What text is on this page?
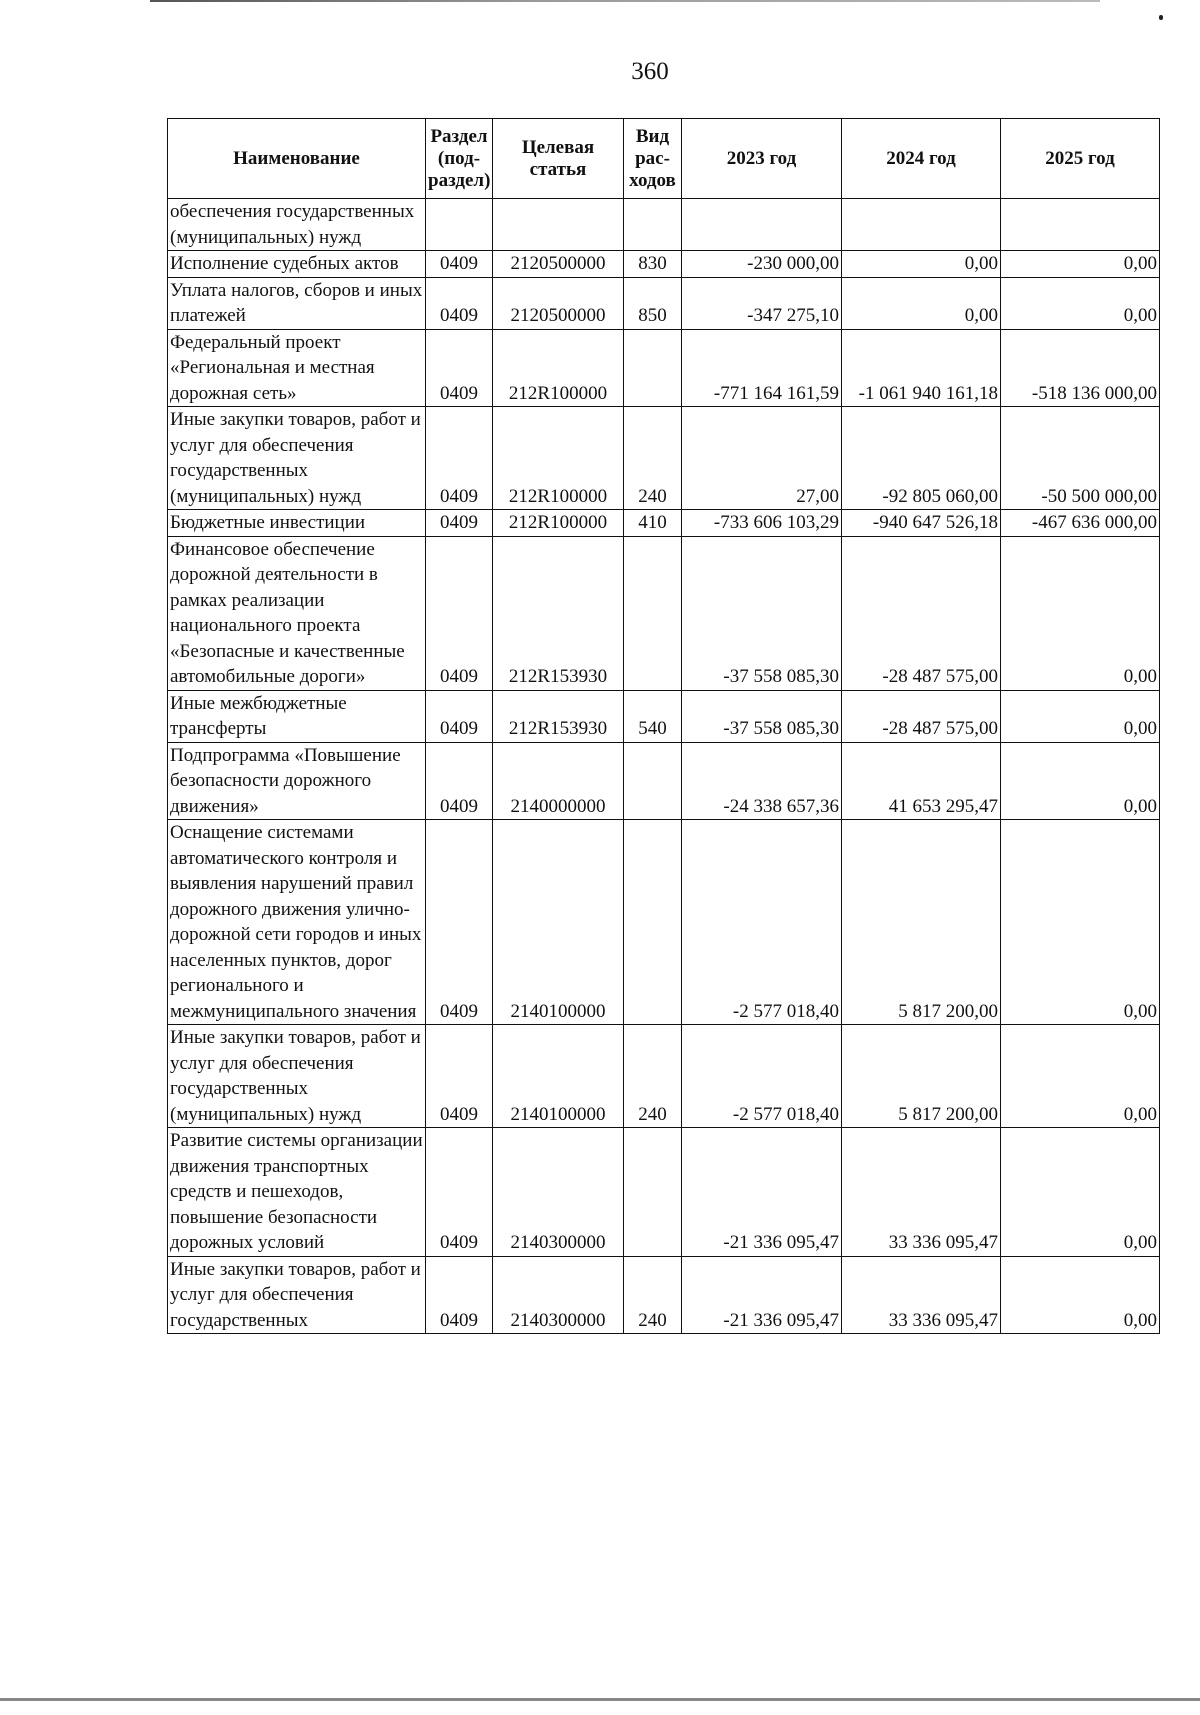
360
Наименование	Раздел (под-раздел)	Целевая статья	Вид рас-ходов	2023 год	2024 год	2025 год
обеспечения государственных (муниципальных) нужд						
Исполнение судебных актов	0409	2120500000	830	-230 000,00	0,00	0,00
Уплата налогов, сборов и иных платежей	0409	2120500000	850	-347 275,10	0,00	0,00
Федеральный проект «Региональная и местная дорожная сеть»	0409	212R100000		-771 164 161,59	-1 061 940 161,18	-518 136 000,00
Иные закупки товаров, работ и услуг для обеспечения государственных (муниципальных) нужд	0409	212R100000	240	27,00	-92 805 060,00	-50 500 000,00
Бюджетные инвестиции	0409	212R100000	410	-733 606 103,29	-940 647 526,18	-467 636 000,00
Финансовое обеспечение дорожной деятельности в рамках реализации национального проекта «Безопасные и качественные автомобильные дороги»	0409	212R153930		-37 558 085,30	-28 487 575,00	0,00
Иные межбюджетные трансферты	0409	212R153930	540	-37 558 085,30	-28 487 575,00	0,00
Подпрограмма «Повышение безопасности дорожного движения»	0409	2140000000		-24 338 657,36	41 653 295,47	0,00
Оснащение системами автоматического контроля и выявления нарушений правил дорожного движения улично-дорожной сети городов и иных населенных пунктов, дорог регионального и межмуниципального значения	0409	2140100000		-2 577 018,40	5 817 200,00	0,00
Иные закупки товаров, работ и услуг для обеспечения государственных (муниципальных) нужд	0409	2140100000	240	-2 577 018,40	5 817 200,00	0,00
Развитие системы организации движения транспортных средств и пешеходов, повышение безопасности дорожных условий	0409	2140300000		-21 336 095,47	33 336 095,47	0,00
Иные закупки товаров, работ и услуг для обеспечения государственных	0409	2140300000	240	-21 336 095,47	33 336 095,47	0,00
